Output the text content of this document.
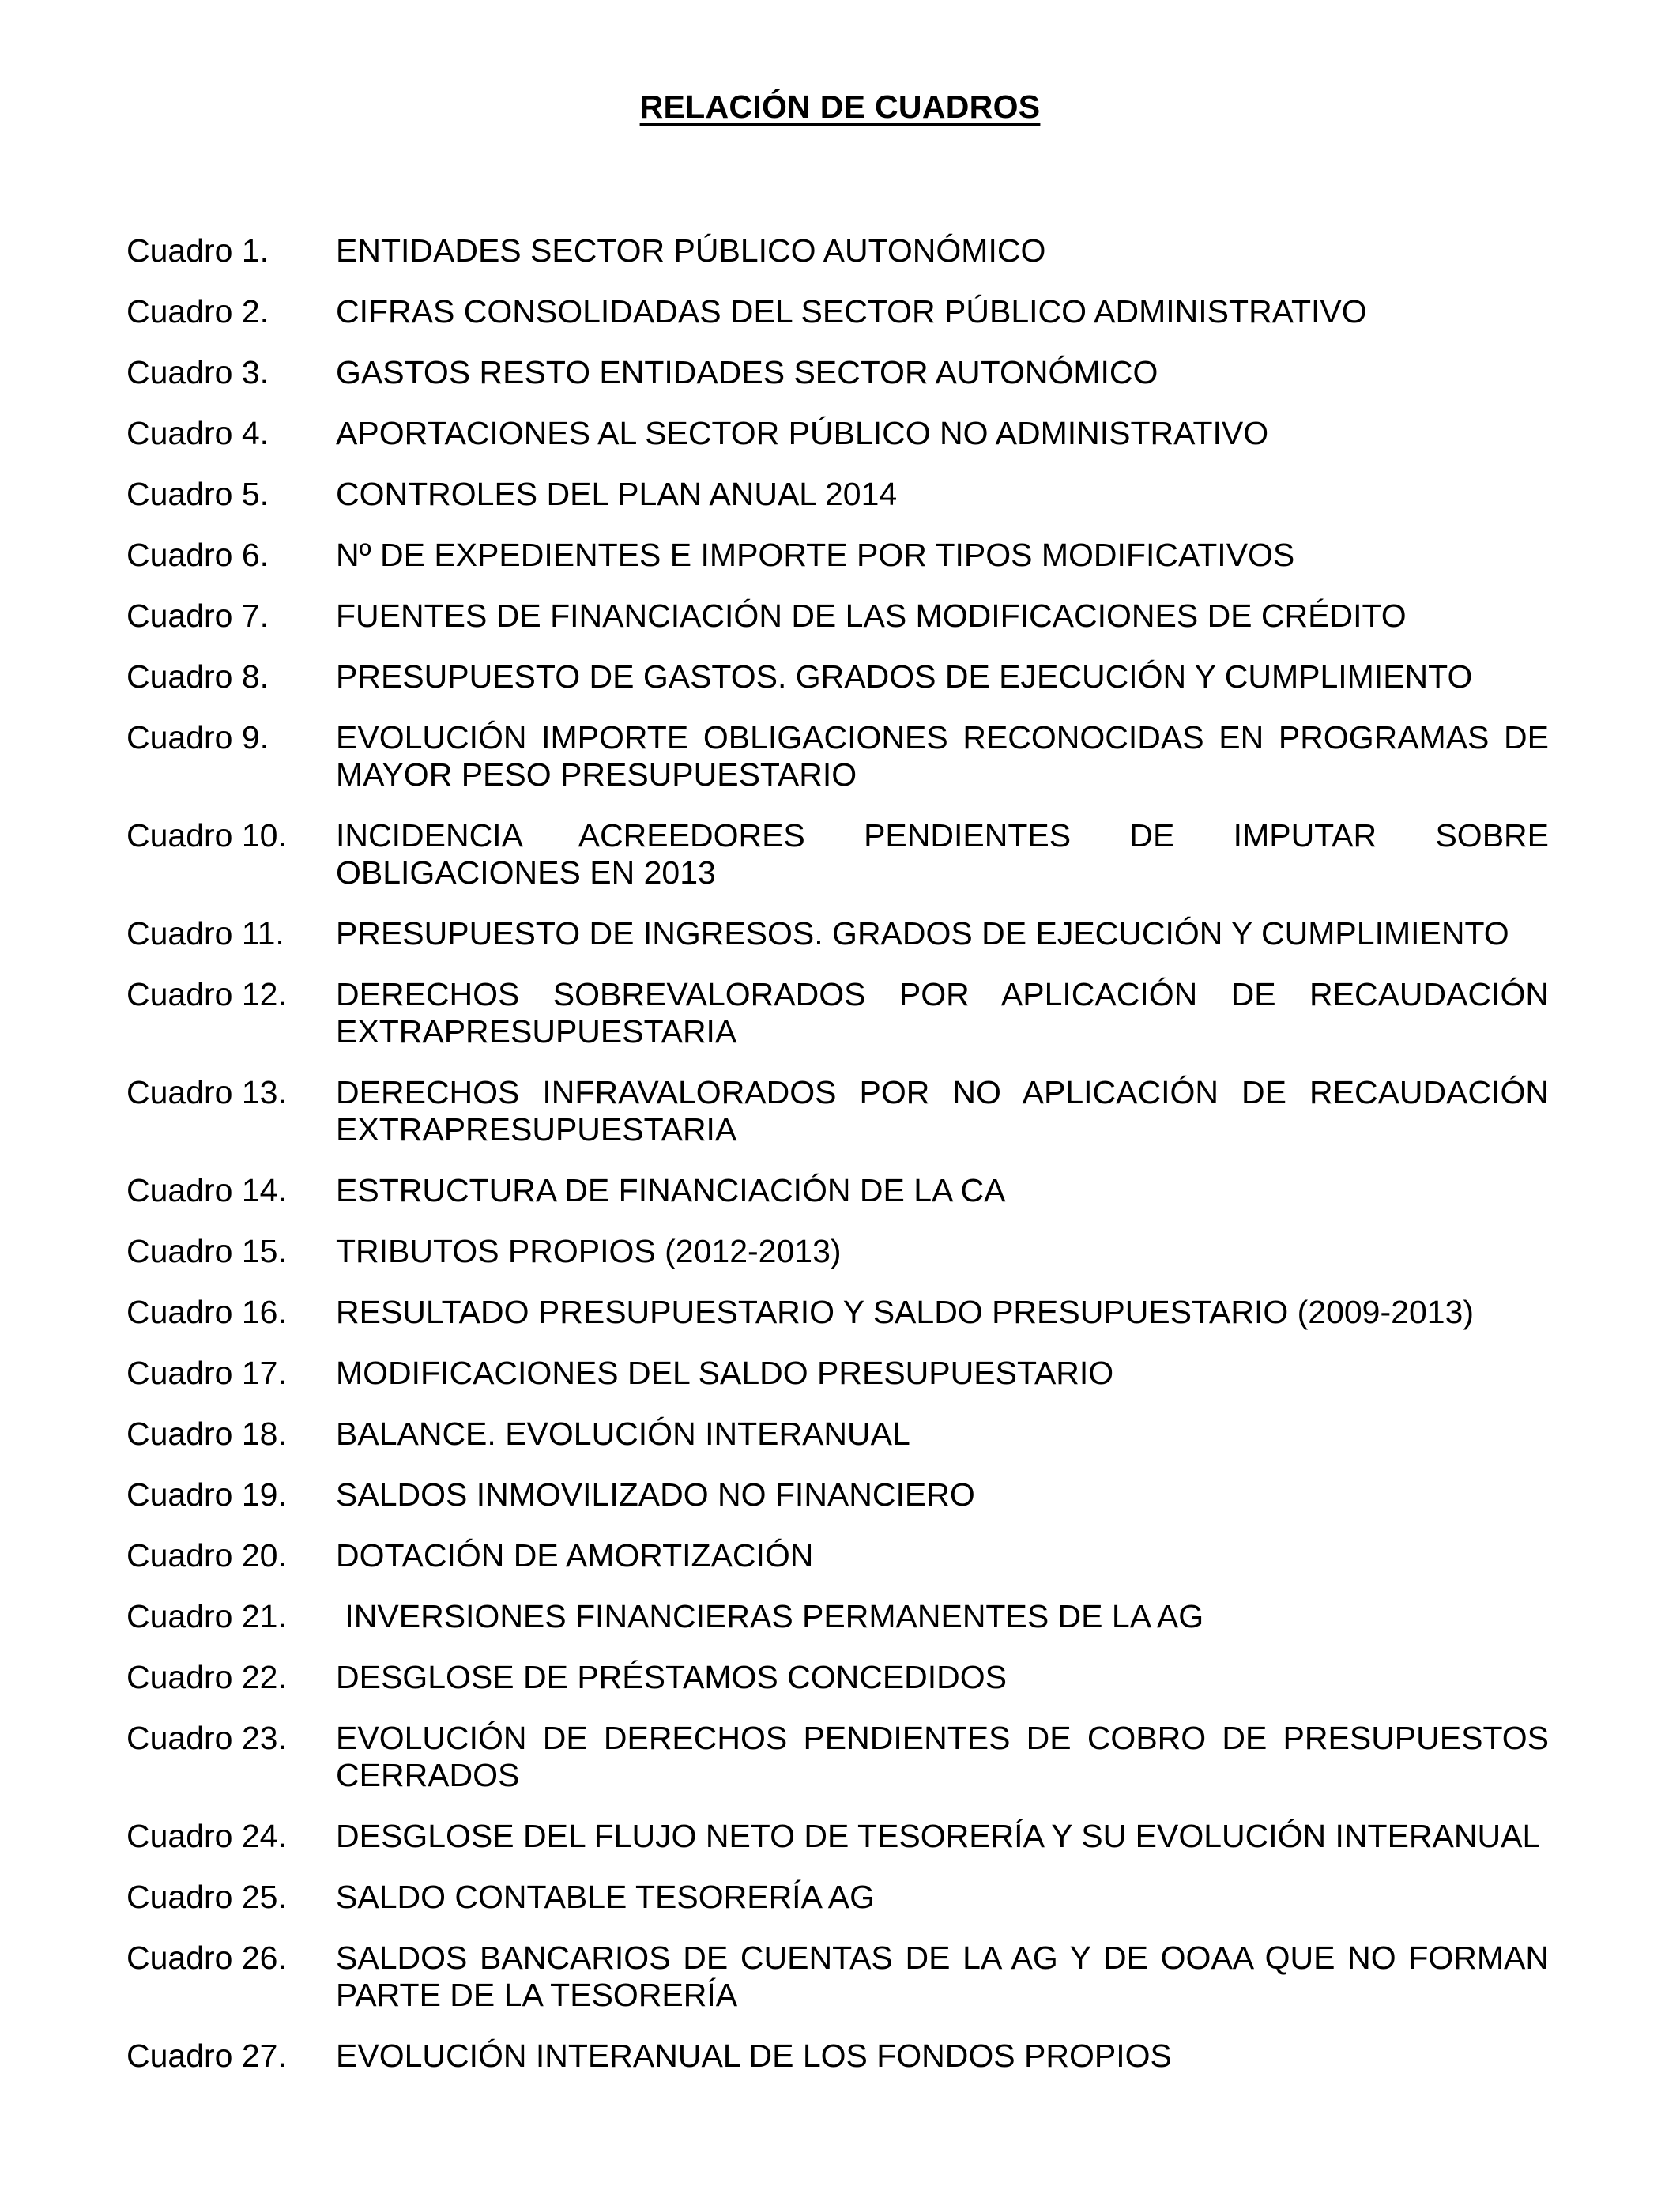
RELACIÓN DE CUADROS
Cuadro 1.	ENTIDADES SECTOR PÚBLICO AUTONÓMICO
Cuadro 2.	CIFRAS CONSOLIDADAS DEL SECTOR PÚBLICO ADMINISTRATIVO
Cuadro 3.	GASTOS RESTO ENTIDADES SECTOR AUTONÓMICO
Cuadro 4.	APORTACIONES AL SECTOR PÚBLICO NO ADMINISTRATIVO
Cuadro 5.	CONTROLES DEL PLAN ANUAL 2014
Cuadro 6.	Nº DE EXPEDIENTES E IMPORTE POR TIPOS MODIFICATIVOS
Cuadro 7.	FUENTES DE FINANCIACIÓN DE LAS MODIFICACIONES DE CRÉDITO
Cuadro 8.	PRESUPUESTO DE GASTOS. GRADOS DE EJECUCIÓN Y CUMPLIMIENTO
Cuadro 9.	EVOLUCIÓN IMPORTE OBLIGACIONES RECONOCIDAS EN PROGRAMAS DE MAYOR PESO PRESUPUESTARIO
Cuadro 10.	INCIDENCIA ACREEDORES PENDIENTES DE IMPUTAR SOBRE OBLIGACIONES EN 2013
Cuadro 11.	PRESUPUESTO DE INGRESOS. GRADOS DE EJECUCIÓN Y CUMPLIMIENTO
Cuadro 12.	DERECHOS SOBREVALORADOS POR APLICACIÓN DE RECAUDACIÓN EXTRAPRESUPUESTARIA
Cuadro 13.	DERECHOS INFRAVALORADOS POR NO APLICACIÓN DE RECAUDACIÓN EXTRAPRESUPUESTARIA
Cuadro 14.	ESTRUCTURA DE FINANCIACIÓN DE LA CA
Cuadro 15.	TRIBUTOS PROPIOS (2012-2013)
Cuadro 16.	RESULTADO PRESUPUESTARIO Y SALDO PRESUPUESTARIO (2009-2013)
Cuadro 17.	MODIFICACIONES DEL SALDO PRESUPUESTARIO
Cuadro 18.	BALANCE. EVOLUCIÓN INTERANUAL
Cuadro 19.	SALDOS INMOVILIZADO NO FINANCIERO
Cuadro 20.	DOTACIÓN DE AMORTIZACIÓN
Cuadro 21.	INVERSIONES FINANCIERAS PERMANENTES DE LA AG
Cuadro 22.	DESGLOSE DE PRÉSTAMOS CONCEDIDOS
Cuadro 23.	EVOLUCIÓN DE DERECHOS PENDIENTES DE COBRO DE PRESUPUESTOS CERRADOS
Cuadro 24.	DESGLOSE DEL FLUJO NETO DE TESORERÍA Y SU EVOLUCIÓN INTERANUAL
Cuadro 25.	SALDO CONTABLE TESORERÍA AG
Cuadro 26.	SALDOS BANCARIOS DE CUENTAS DE LA AG Y DE OOAA QUE NO FORMAN PARTE DE LA TESORERÍA
Cuadro 27.	EVOLUCIÓN INTERANUAL DE LOS FONDOS PROPIOS
